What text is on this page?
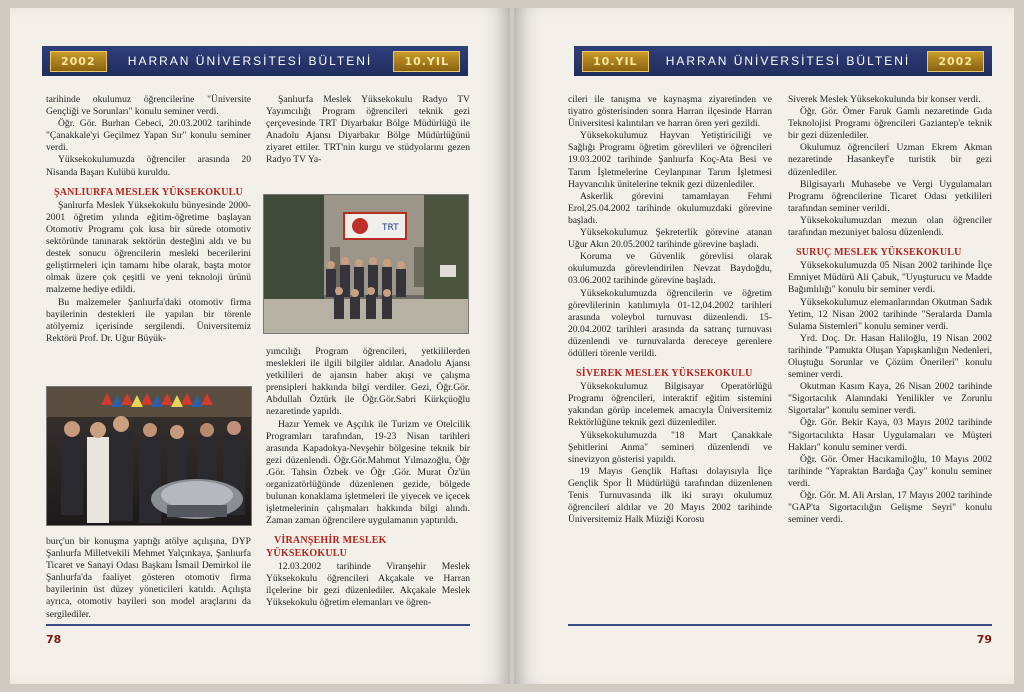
2002	HARRAN ÜNİVERSİTESİ BÜLTENİ	10.YIL

tarihinde okulumuz öğrencilerine "Üniversite Gençliği ve Sorunları" konulu seminer verdi.

Öğr. Gör. Burhan Cebeci, 20.03.2002 tarihinde "Çanakkale'yi Geçilmez Yapan Sır" konulu seminer verdi.

Yüksekokulumuzda öğrenciler arasında 20 Nisanda Başarı Kulübü kuruldu.

ŞANLIURFA MESLEK YÜKSEKOKULU

Şanlıurfa Meslek Yüksekokulu bünyesinde 2000-2001 öğretim yılında eğitim-öğretime başlayan Otomotiv Programı çok kısa bir sürede otomotiv sektöründe tanınarak sektörün desteğini aldı ve bu destek sonucu öğrencilerin mesleki becerilerini geliştirmeleri için tamamı hibe olarak, başta motor olmak üzere çok çeşitli ve yeni teknoloji ürünü malzeme hediye edildi.

Bu malzemeler Şanlıurfa'daki otomotiv firma bayilerinin destekleri ile yapılan bir törenle atölyemiz içerisinde sergilendi. Üniversitemiz Rektörü Prof. Dr. Uğur Büyük-

burç'un bir konuşma yaptığı atölye açılışına, DYP Şanlıurfa Milletvekili Mehmet Yalçınkaya, Şanlıurfa Ticaret ve Sanayi Odası Başkanı İsmail Demirkol ile Şanlıurfa'da faaliyet gösteren otomotiv firma bayilerinin üst düzey yöneticileri katıldı. Açılışta ayrıca, otomotiv bayileri son model araçlarını da sergilediler.

Şanlıurfa Meslek Yüksekokulu Radyo TV Yayımcılığı Program öğrencileri teknik gezi çerçevesinde TRT Diyarbakır Bölge Müdürlüğü ile Anadolu Ajansı Diyarbakır Bölge Müdürlüğünü ziyaret ettiler. TRT'nin kurgu ve stüdyolarını gezen Radyo TV Ya-

TRT

yımcılığı Program öğrencileri, yetkililerden meslekleri ile ilgili bilgiler aldılar. Anadolu Ajansı yetkilileri de ajansın haber akışı ve çalışma prensipleri hakkında bilgi verdiler. Gezi, Öğr.Gör. Abdullah Öztürk ile Öğr.Gör.Sabri Kürkçüoğlu nezaretinde yapıldı.

Hazır Yemek ve Aşçılık ile Turizm ve Otelcilik Programları tarafından, 19-23 Nisan tarihleri arasında Kapadokya-Nevşehir bölgesine teknik bir gezi düzenlendi. Öğr.Gör.Mahmut Yılmazoğlu, Öğr .Gör. Tahsin Özbek ve Öğr .Gör. Murat Öz'ün organizatörlüğünde düzenlenen gezide, bölgede bulunan konaklama işletmeleri ile yiyecek ve içecek işletmelerinin çalışmaları hakkında bilgi alındı. Zaman zaman öğrencilere uygulamanın yaptırıldı.

VİRANŞEHİR MESLEK YÜKSEKOKULU

12.03.2002 tarihinde Viranşehir Meslek Yüksekokulu öğrencileri Akçakale ve Harran ilçelerine bir gezi düzenlediler. Akçakale Meslek Yüksekokulu öğretim elemanları ve öğren-

78
10.YIL	HARRAN ÜNİVERSİTESİ BÜLTENİ	2002

cileri ile tanışma ve kaynaşma ziyaretinden ve tiyatro gösterisinden sonra Harran ilçesinde Harran Üniversitesi kalıntıları ve harran ören yeri gezildi.

Yüksekokulumuz Hayvan Yetiştiriciliği ve Sağlığı Programı öğretim görevlileri ve öğrencileri 19.03.2002 tarihinde Şanlıurfa Koç-Ata Besi ve Tarım İşletmelerine Ceylanpınar Tarım İşletmesi Hayvancılık ünitelerine teknik gezi düzenlediler.

Askerlik görevini tamamlayan Fehmi Erol,25.04.2002 tarihinde okulumuzdaki görevine başladı.

Yüksekokulumuz Şekreterlik görevine atanan Uğur Akın 20.05.2002 tarihinde görevine başladı.

Koruma ve Güvenlik görevlisi olarak okulumuzda görevlendirilen Nevzat Baydoğdu, 03.06.2002 tarihinde görevine başladı.

Yüksekokulumuzda öğrencilerin ve öğretim görevlilerinin katılımıyla 01-12,04.2002 tarihleri arasında voleybol turnuvası düzenlendi. 15-20.04.2002 tarihleri arasında da satranç turnuvası düzenlendi ve turnuvalarda dereceye gerenlere ödülleri törenle verildi.

SİVEREK MESLEK YÜKSEKOKULU

Yüksekokulumuz Bilgisayar Operatörlüğü Programı öğrencileri, interaktif eğitim sistemini yakından görüp incelemek amacıyla Üniversitemiz Rektörlüğüne teknik gezi düzenlediler.

Yüksekokulumuzda "18 Mart Çanakkale Şehitlerini Anma" semineri düzenlendi ve sinevizyon gösterisi yapıldı.

19 Mayıs Gençlik Haftası dolayısıyla İlçe Gençlik Spor İl Müdürlüğü tarafından düzenlenen Tenis Turnuvasında ilk iki sırayı okulumuz öğrencileri aldılar ve 20 Mayıs 2002 tarihinde Üniversitemiz Halk Müziği Korosu

Siverek Meslek Yüksekokulunda bir konser verdi.

Öğr. Gör. Ömer Faruk Gamlı nezaretinde Gıda Teknolojisi Programı öğrencileri Gaziantep'e teknik bir gezi düzenlediler.

Okulumuz öğrencileri Uzman Ekrem Akman nezaretinde Hasankeyf'e turistik bir gezi düzenlediler.

Bilgisayarlı Muhasebe ve Vergi Uygulamaları Programı öğrencilerine Ticaret Odası yetkilileri tarafından seminer verildi.

Yüksekokulumuzdan mezun olan öğrenciler tarafından mezuniyet balosu düzenlendi.

SURUÇ MESLEK YÜKSEKOKULU

Yüksekokulumuzda 05 Nisan 2002 tarihinde İlçe Emniyet Müdürü Ali Çabuk, "Uyuşturucu ve Madde Bağımlılığı" konulu bir seminer verdi.

Yüksekokulumuz elemanlarından Okutman Sadık Yetim, 12 Nisan 2002 tarihinde "Seralarda Damla Sulama Sistemleri" konulu seminer verdi.

Yrd. Doç. Dr. Hasan Haliloğlu, 19 Nisan 2002 tarihinde "Pamukta Oluşan Yapışkanlığın Nedenleri, Oluştuğu Sorunlar ve Çözüm Önerileri" konulu seminer verdi.

Okutman Kasım Kaya, 26 Nisan 2002 tarihinde "Sigortacılık Alanındaki Yenilikler ve Zorunlu Sigortalar" konulu seminer verdi.

Öğr. Gör. Bekir Kaya, 03 Mayıs 2002 tarihinde "Sigortacılıkta Hasar Uygulamaları ve Müşteri Hakları" konulu seminer verdi.

Öğr. Gör. Ömer Hacıkamiloğlu, 10 Mayıs 2002 tarihinde "Yapraktan Bardağa Çay" konulu seminer verdi.

Öğr. Gör. M. Ali Arslan, 17 Mayıs 2002 tarihinde "GAP'ta Sigortacılığın Gelişme Seyri" konulu seminer verdi.

79
